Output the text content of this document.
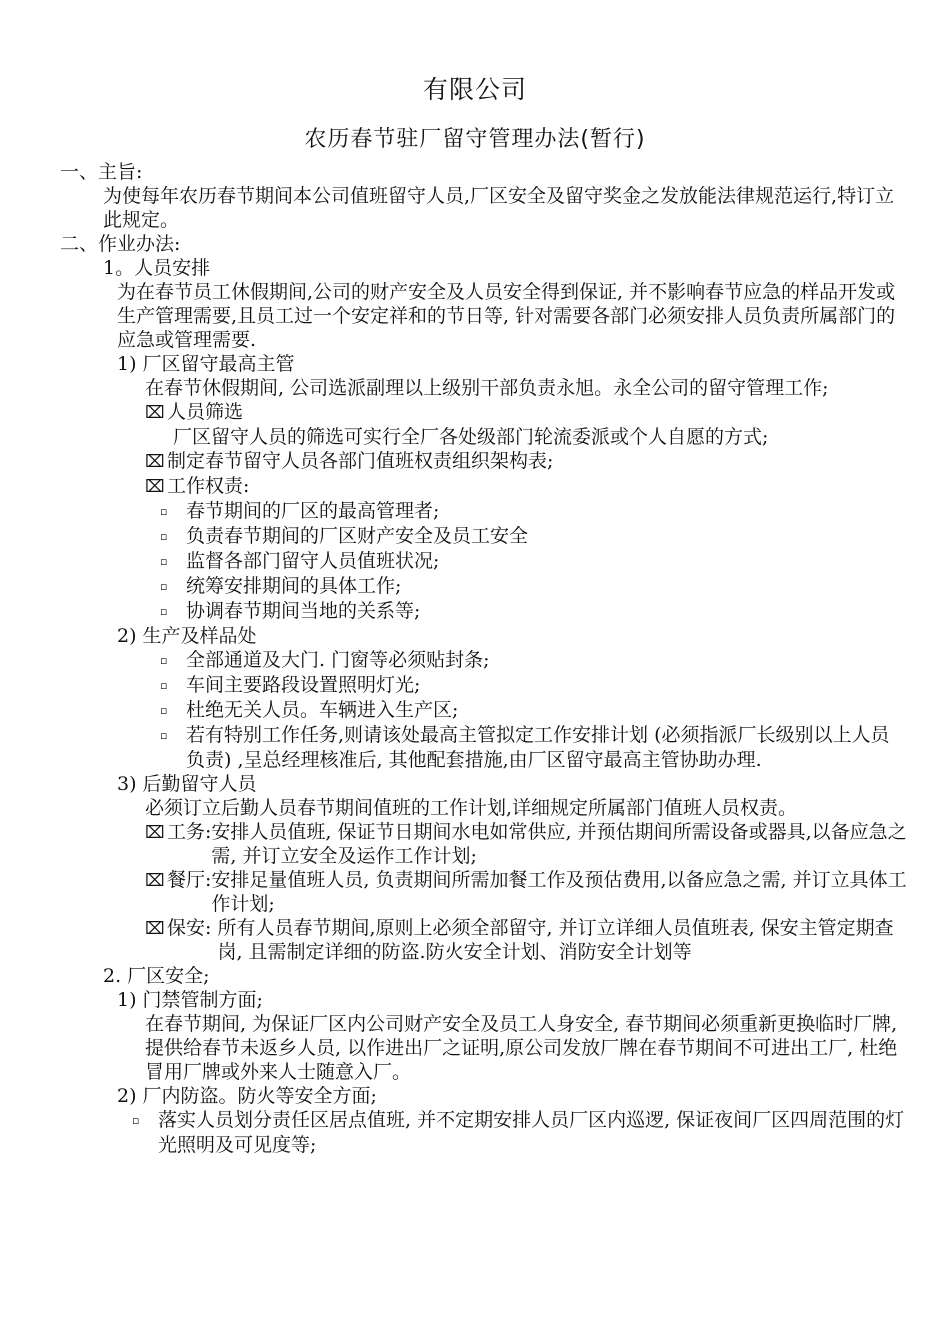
有限公司
农历春节驻厂留守管理办法(暂行)
一、主旨:
为使每年农历春节期间本公司值班留守人员,厂区安全及留守奖金之发放能法律规范运行,特订立此规定。
二、作业办法:
1。人员安排
为在春节员工休假期间,公司的财产安全及人员安全得到保证, 并不影响春节应急的样品开发或生产管理需要,且员工过一个安定祥和的节日等, 针对需要各部门必须安排人员负责所属部门的应急或管理需要.
1) 厂区留守最高主管
在春节休假期间, 公司选派副理以上级别干部负责永旭。永全公司的留守管理工作;
⌧ 人员筛选
厂区留守人员的筛选可实行全厂各处级部门轮流委派或个人自愿的方式;
⌧ 制定春节留守人员各部门值班权责组织架构表;
⌧ 工作权责:
▫ 春节期间的厂区的最高管理者;
▫ 负责春节期间的厂区财产安全及员工安全
▫ 监督各部门留守人员值班状况;
▫ 统筹安排期间的具体工作;
▫ 协调春节期间当地的关系等;
2) 生产及样品处
▫ 全部通道及大门. 门窗等必须贴封条;
▫ 车间主要路段设置照明灯光;
▫ 杜绝无关人员。车辆进入生产区;
▫ 若有特别工作任务,则请该处最高主管拟定工作安排计划 (必须指派厂长级别以上人员负责) ,呈总经理核准后, 其他配套措施,由厂区留守最高主管协助办理.
3) 后勤留守人员
必须订立后勤人员春节期间值班的工作计划,详细规定所属部门值班人员权责。
⌧ 工务: 安排人员值班, 保证节日期间水电如常供应, 并预估期间所需设备或器具,以备应急之需, 并订立安全及运作工作计划;
⌧ 餐厅: 安排足量值班人员, 负责期间所需加餐工作及预估费用,以备应急之需, 并订立具体工作计划;
⌧ 保安: 所有人员春节期间,原则上必须全部留守, 并订立详细人员值班表, 保安主管定期查岗, 且需制定详细的防盗.防火安全计划、消防安全计划等
2. 厂区安全;
1) 门禁管制方面;
在春节期间, 为保证厂区内公司财产安全及员工人身安全, 春节期间必须重新更换临时厂牌, 提供给春节未返乡人员, 以作进出厂之证明,原公司发放厂牌在春节期间不可进出工厂, 杜绝冒用厂牌或外来人士随意入厂。
2) 厂内防盗。防火等安全方面;
▫ 落实人员划分责任区居点值班, 并不定期安排人员厂区内巡逻, 保证夜间厂区四周范围的灯光照明及可见度等;
